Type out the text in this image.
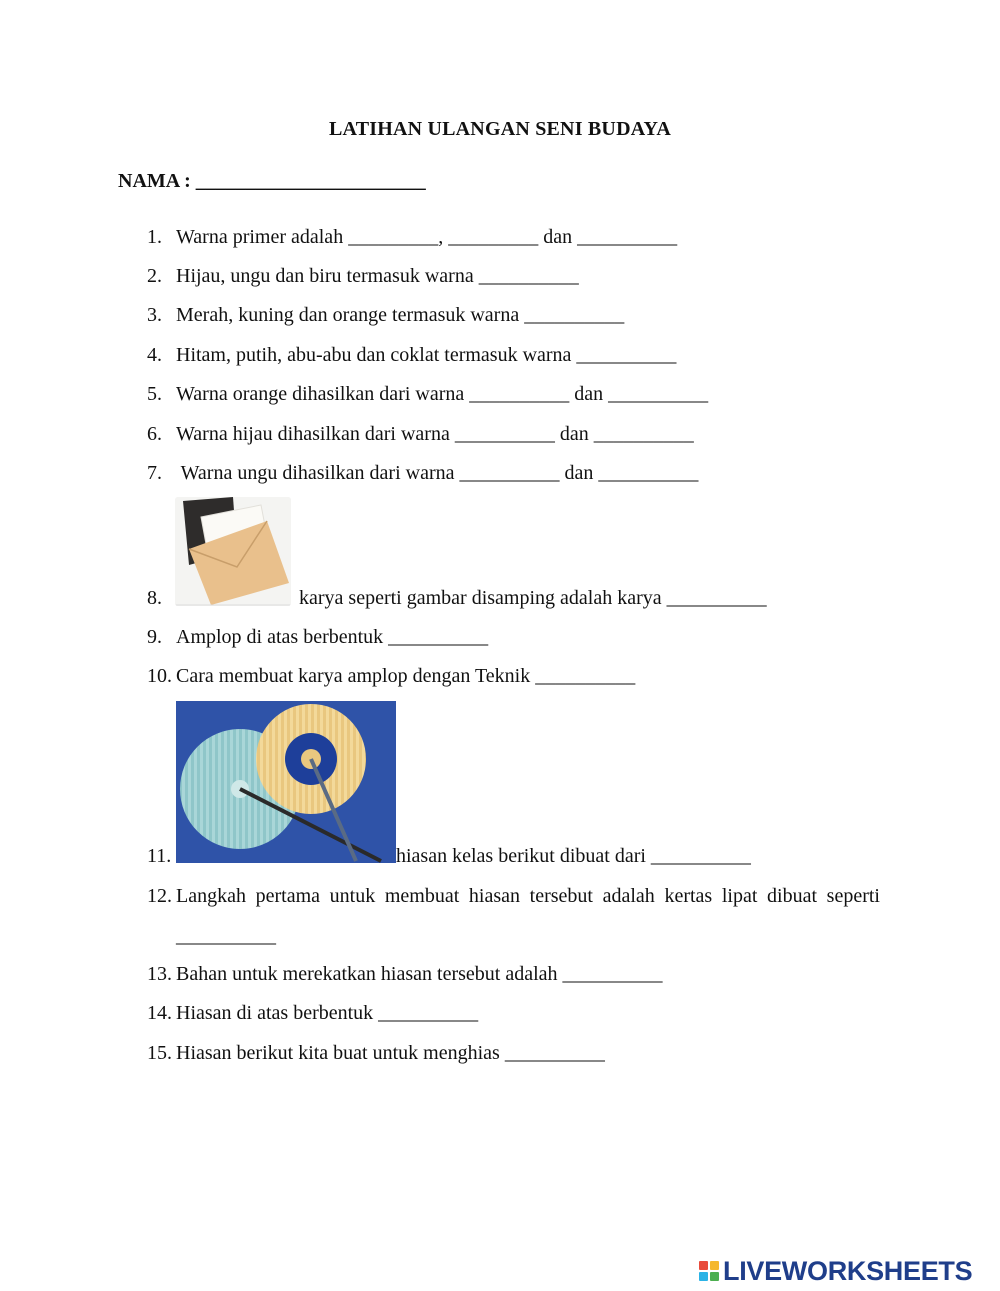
LATIHAN ULANGAN SENI BUDAYA
NAMA : _______________________
1. Warna primer adalah _________, _________ dan __________
2. Hijau, ungu dan biru termasuk warna __________
3. Merah, kuning dan orange termasuk warna __________
4. Hitam, putih, abu-abu dan coklat termasuk warna __________
5. Warna orange dihasilkan dari warna __________ dan __________
6. Warna hijau dihasilkan dari warna __________ dan __________
7. Warna ungu dihasilkan dari warna __________ dan __________
8.	karya seperti gambar disamping adalah karya __________
9. Amplop di atas berbentuk __________
10. Cara membuat karya amplop dengan Teknik __________
11.	hiasan kelas berikut dibuat dari __________
12. Langkah pertama untuk membuat hiasan tersebut adalah kertas lipat dibuat seperti __________
13. Bahan untuk merekatkan hiasan tersebut adalah __________
14. Hiasan di atas berbentuk __________
15. Hiasan berikut kita buat untuk menghias __________
LIVEWORKSHEETS
